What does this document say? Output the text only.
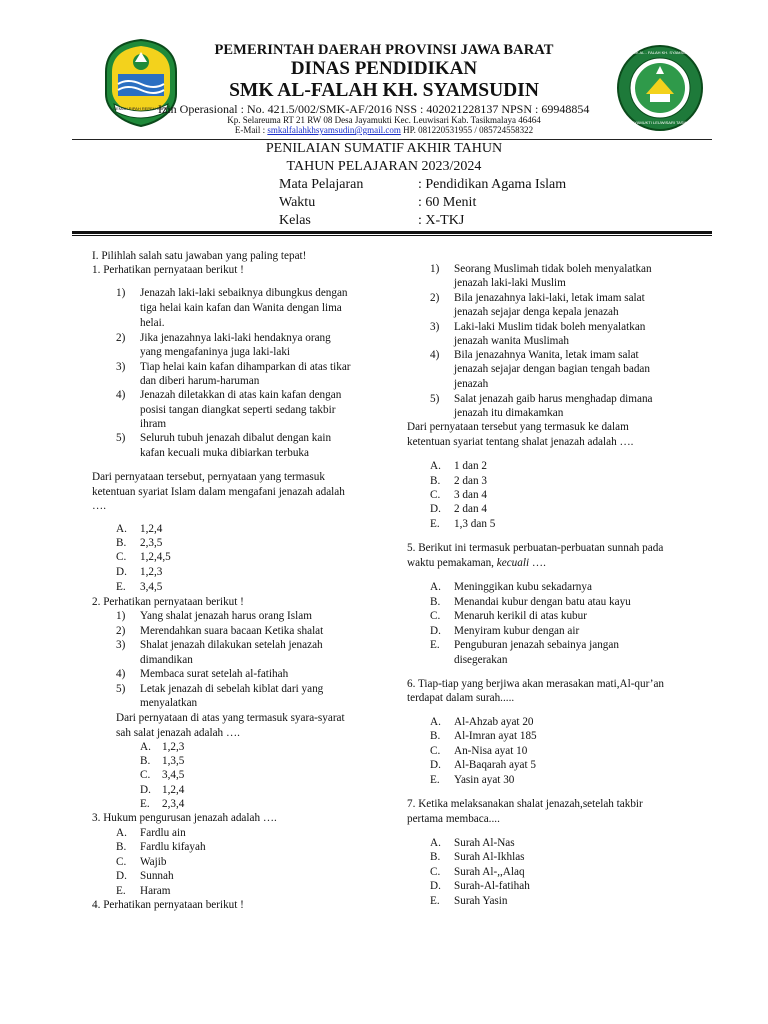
GEMAH RIPAH REPEH RAPIH
SMK AL - FALAH KH. SYAMSUDIN
JAYAMUKTI LEUWISARI TASIKMALAYA
PEMERINTAH DAERAH PROVINSI JAWA BARAT
DINAS PENDIDIKAN
SMK AL-FALAH KH. SYAMSUDIN
Izin Operasional : No. 421.5/002/SMK-AF/2016 NSS : 402021228137 NPSN : 69948854
Kp. Selareuma RT 21 RW 08 Desa Jayamukti Kec. Leuwisari Kab. Tasikmalaya 46464
E-Mail : smkalfalahkhsyamsudin@gmail.com HP. 081220531955 / 085724558322
PENILAIAN SUMATIF AKHIR TAHUN
TAHUN PELAJARAN 2023/2024
Mata Pelajaran	: Pendidikan Agama Islam
Waktu	: 60 Menit
Kelas	: X-TKJ
I. Pilihlah salah satu jawaban yang paling tepat!
1. Perhatikan pernyataan berikut !
1) Jenazah laki-laki sebaiknya dibungkus dengan
tiga helai kain kafan dan Wanita dengan lima
helai.
2) Jika jenazahnya laki-laki hendaknya orang
yang mengafaninya juga laki-laki
3) Tiap helai kain kafan dihamparkan di atas tikar
dan diberi harum-haruman
4) Jenazah diletakkan di atas kain kafan dengan
posisi tangan diangkat seperti sedang takbir
ihram
5) Seluruh tubuh jenazah dibalut dengan kain
kafan kecuali muka dibiarkan terbuka
Dari pernyataan tersebut, pernyataan yang termasuk
ketentuan syariat Islam dalam mengafani jenazah adalah
….
A. 1,2,4
B. 2,3,5
C. 1,2,4,5
D. 1,2,3
E. 3,4,5
2. Perhatikan pernyataan berikut !
1) Yang shalat jenazah harus orang Islam
2) Merendahkan suara bacaan Ketika shalat
3) Shalat jenazah dilakukan setelah jenazah
dimandikan
4) Membaca surat setelah al-fatihah
5) Letak jenazah di sebelah kiblat dari yang
menyalatkan
Dari pernyataan di atas yang termasuk syara-syarat
sah salat jenazah adalah ….
A. 1,2,3
B. 1,3,5
C. 3,4,5
D. 1,2,4
E. 2,3,4
3. Hukum pengurusan jenazah adalah ….
A. Fardlu ain
B. Fardlu kifayah
C. Wajib
D. Sunnah
E. Haram
4. Perhatikan pernyataan berikut !
1) Seorang Muslimah tidak boleh menyalatkan
jenazah laki-laki Muslim
2) Bila jenazahnya laki-laki, letak imam salat
jenazah sejajar denga kepala jenazah
3) Laki-laki Muslim tidak boleh menyalatkan
jenazah wanita Muslimah
4) Bila jenazahnya Wanita, letak imam salat
jenazah sejajar dengan bagian tengah badan
jenazah
5) Salat jenazah gaib harus menghadap dimana
jenazah itu dimakamkan
Dari pernyataan tersebut yang termasuk ke dalam
ketentuan syariat tentang shalat jenazah adalah ….
A. 1 dan 2
B. 2 dan 3
C. 3 dan 4
D. 2 dan 4
E. 1,3 dan 5
5. Berikut ini termasuk perbuatan-perbuatan sunnah pada
waktu pemakaman, kecuali ….
A. Meninggikan kubu sekadarnya
B. Menandai kubur dengan batu atau kayu
C. Menaruh kerikil di atas kubur
D. Menyiram kubur dengan air
E. Penguburan jenazah sebainya jangan
disegerakan
6. Tiap-tiap yang berjiwa akan merasakan mati,Al-qur’an
terdapat dalam surah.....
A. Al-Ahzab ayat 20
B. Al-Imran ayat 185
C. An-Nisa ayat 10
D. Al-Baqarah ayat 5
E. Yasin ayat 30
7. Ketika melaksanakan shalat jenazah,setelah takbir
pertama membaca....
A. Surah Al-Nas
B. Surah Al-Ikhlas
C. Surah Al-,,Alaq
D. Surah-Al-fatihah
E. Surah Yasin
